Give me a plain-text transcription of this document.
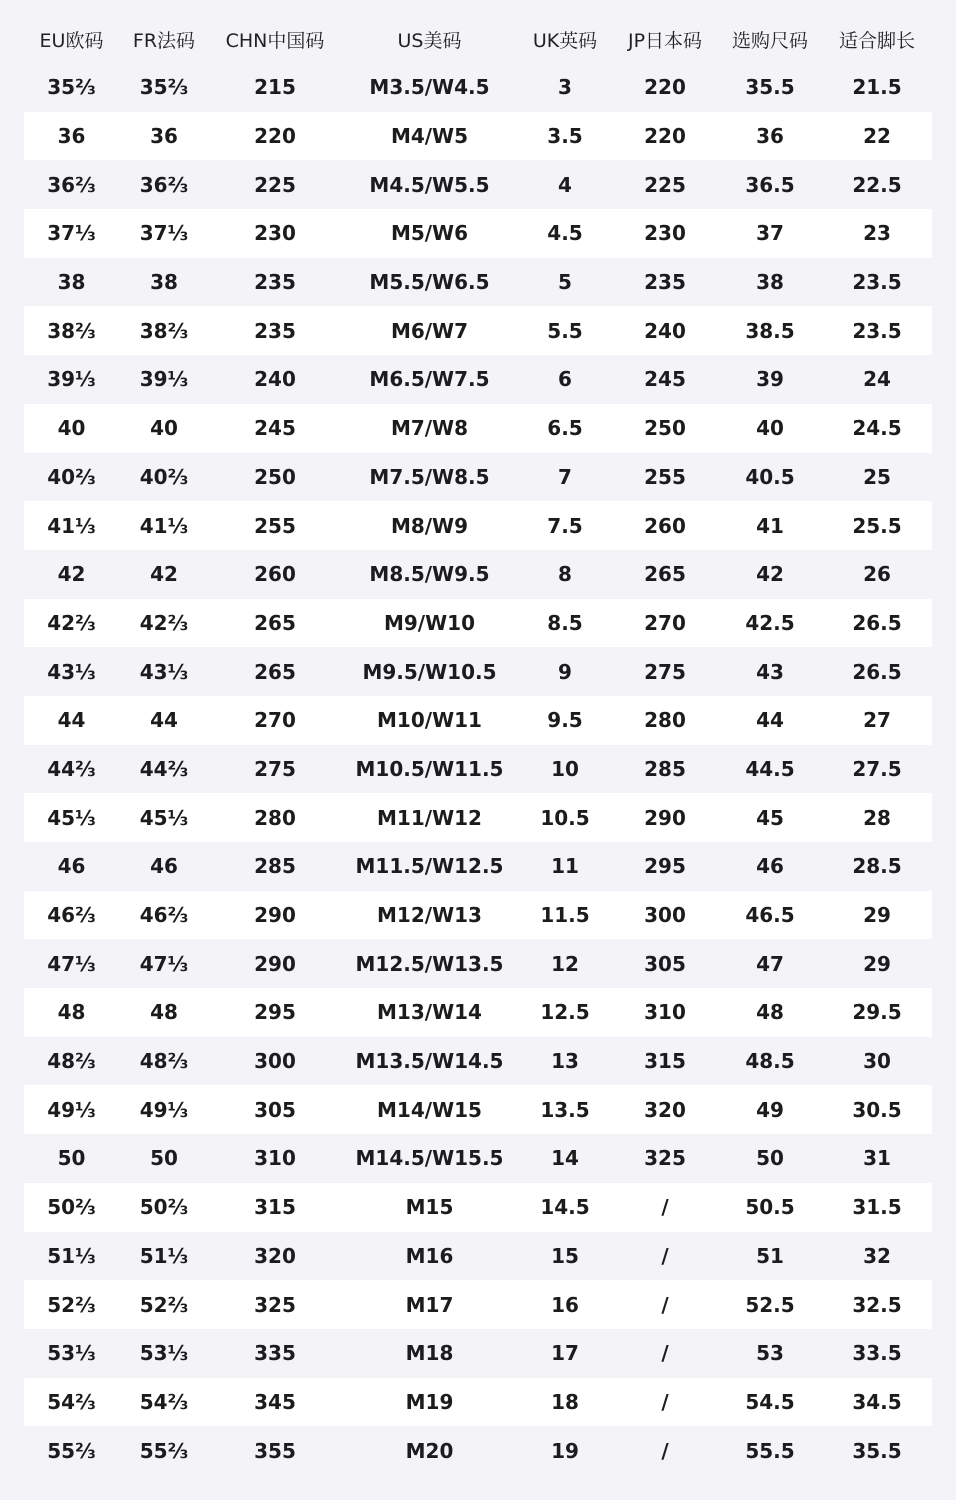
EU欧码	FR法码	CHN中国码	US美码	UK英码	JP日本码	选购尺码	适合脚长
35⅔	35⅔	215	M3.5/W4.5	3	220	35.5	21.5
36	36	220	M4/W5	3.5	220	36	22
36⅔	36⅔	225	M4.5/W5.5	4	225	36.5	22.5
37⅓	37⅓	230	M5/W6	4.5	230	37	23
38	38	235	M5.5/W6.5	5	235	38	23.5
38⅔	38⅔	235	M6/W7	5.5	240	38.5	23.5
39⅓	39⅓	240	M6.5/W7.5	6	245	39	24
40	40	245	M7/W8	6.5	250	40	24.5
40⅔	40⅔	250	M7.5/W8.5	7	255	40.5	25
41⅓	41⅓	255	M8/W9	7.5	260	41	25.5
42	42	260	M8.5/W9.5	8	265	42	26
42⅔	42⅔	265	M9/W10	8.5	270	42.5	26.5
43⅓	43⅓	265	M9.5/W10.5	9	275	43	26.5
44	44	270	M10/W11	9.5	280	44	27
44⅔	44⅔	275	M10.5/W11.5	10	285	44.5	27.5
45⅓	45⅓	280	M11/W12	10.5	290	45	28
46	46	285	M11.5/W12.5	11	295	46	28.5
46⅔	46⅔	290	M12/W13	11.5	300	46.5	29
47⅓	47⅓	290	M12.5/W13.5	12	305	47	29
48	48	295	M13/W14	12.5	310	48	29.5
48⅔	48⅔	300	M13.5/W14.5	13	315	48.5	30
49⅓	49⅓	305	M14/W15	13.5	320	49	30.5
50	50	310	M14.5/W15.5	14	325	50	31
50⅔	50⅔	315	M15	14.5	/	50.5	31.5
51⅓	51⅓	320	M16	15	/	51	32
52⅔	52⅔	325	M17	16	/	52.5	32.5
53⅓	53⅓	335	M18	17	/	53	33.5
54⅔	54⅔	345	M19	18	/	54.5	34.5
55⅔	55⅔	355	M20	19	/	55.5	35.5
